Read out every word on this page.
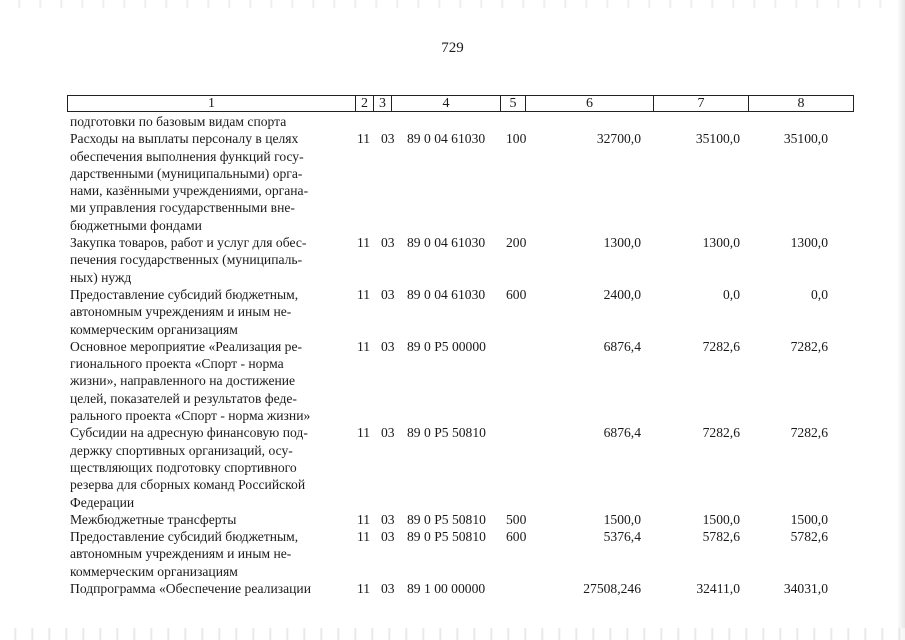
729
1	2 3	4	5	6	7	8
подготовки по базовым видам спорта
Расходы на выплаты персоналу в целях
обеспечения выполнения функций госу-
дарственными (муниципальными) орга-
нами, казёнными учреждениями, органа-
ми управления государственными вне-
бюджетными фондами
11 03 89 0 04 61030 100	32700,0	35100,0	35100,0
Закупка товаров, работ и услуг для обес-
печения государственных (муниципаль-
ных) нужд
11 03 89 0 04 61030 200	1300,0	1300,0	1300,0
Предоставление субсидий бюджетным,
автономным учреждениям и иным не-
коммерческим организациям
11 03 89 0 04 61030 600	2400,0	0,0	0,0
Основное мероприятие «Реализация ре-
гионального проекта «Спорт - норма
жизни», направленного на достижение
целей, показателей и результатов феде-
рального проекта «Спорт - норма жизни»
11 03 89 0 P5 00000	6876,4	7282,6	7282,6
Субсидии на адресную финансовую под-
держку спортивных организаций, осу-
ществляющих подготовку спортивного
резерва для сборных команд Российской
Федерации
11 03 89 0 P5 50810	6876,4	7282,6	7282,6
Межбюджетные трансферты	11 03 89 0 P5 50810 500	1500,0	1500,0	1500,0
Предоставление субсидий бюджетным,
автономным учреждениям и иным не-
коммерческим организациям
11 03 89 0 P5 50810 600	5376,4	5782,6	5782,6
Подпрограмма «Обеспечение реализации	11 03 89 1 00 00000	27508,246	32411,0	34031,0
